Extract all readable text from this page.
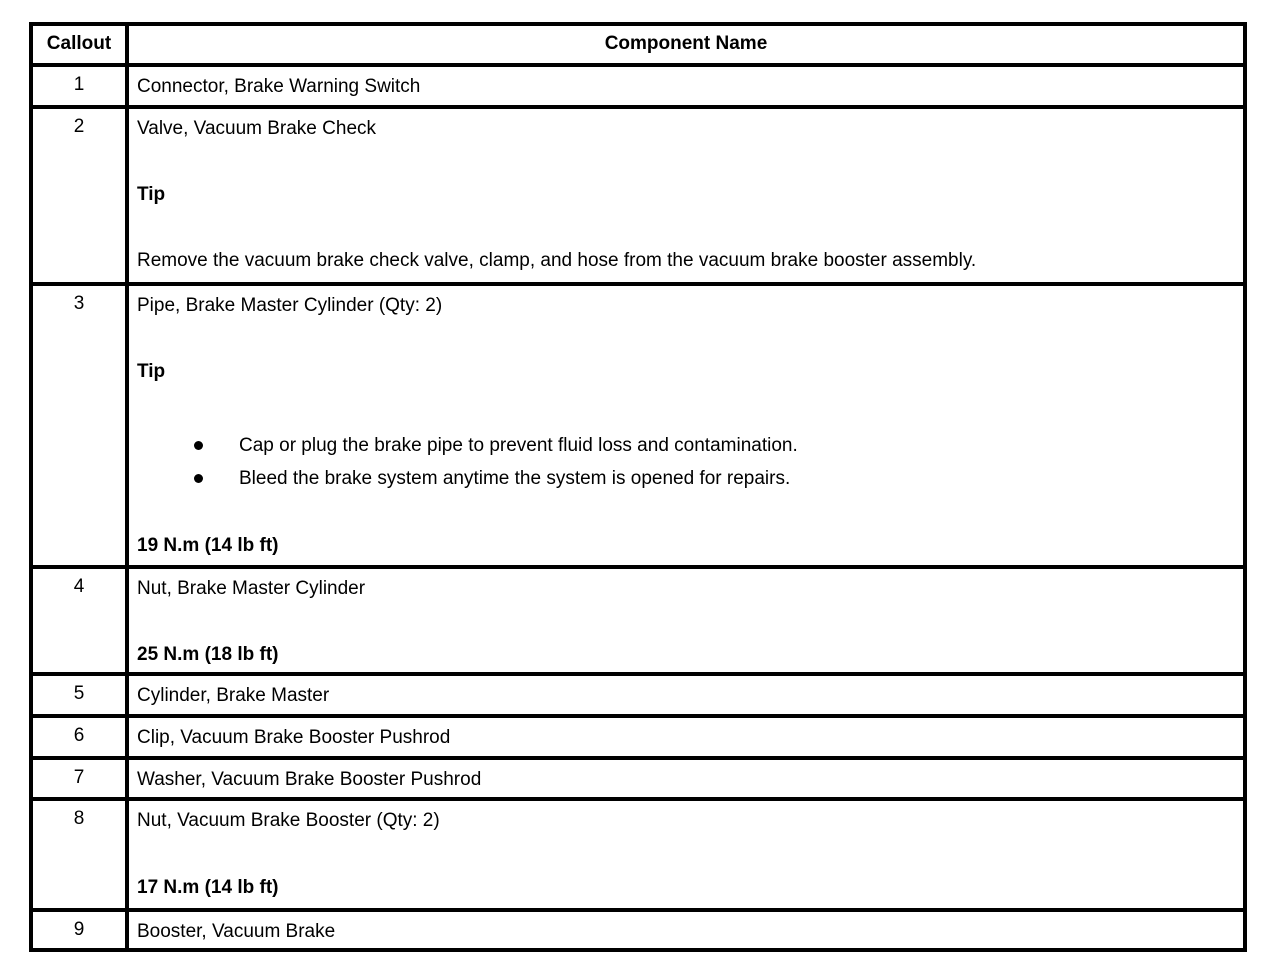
Callout	Component Name
1	Connector, Brake Warning Switch

2	Valve, Vacuum Brake Check
Tip
Remove the vacuum brake check valve, clamp, and hose from the vacuum brake booster assembly.

3	Pipe, Brake Master Cylinder (Qty: 2)
Tip
Cap or plug the brake pipe to prevent fluid loss and contamination.
Bleed the brake system anytime the system is opened for repairs.
19 N.m (14 lb ft)

4	Nut, Brake Master Cylinder
25 N.m (18 lb ft)

5	Cylinder, Brake Master

6	Clip, Vacuum Brake Booster Pushrod

7	Washer, Vacuum Brake Booster Pushrod

8	Nut, Vacuum Brake Booster (Qty: 2)
17 N.m (14 lb ft)

9	Booster, Vacuum Brake
